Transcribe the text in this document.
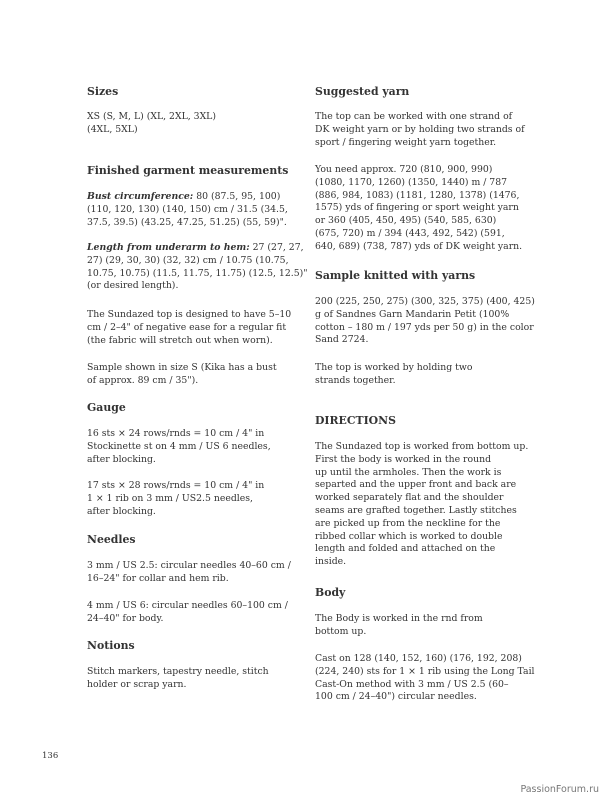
Sizes

XS (S, M, L) (XL, 2XL, 3XL)
(4XL, 5XL)

Finished garment measurements

Bust circumference: 80 (87.5, 95, 100)
(110, 120, 130) (140, 150) cm / 31.5 (34.5,
37.5, 39.5) (43.25, 47.25, 51.25) (55, 59)".

Length from underarm to hem: 27 (27, 27,
27) (29, 30, 30) (32, 32) cm / 10.75 (10.75,
10.75, 10.75) (11.5, 11.75, 11.75) (12.5, 12.5)"
(or desired length).

The Sundazed top is designed to have 5–10
cm / 2–4" of negative ease for a regular fit
(the fabric will stretch out when worn).

Sample shown in size S (Kika has a bust
of approx. 89 cm / 35").

Gauge

16 sts × 24 rows/rnds = 10 cm / 4" in
Stockinette st on 4 mm / US 6 needles,
after blocking.

17 sts × 28 rows/rnds = 10 cm / 4" in
1 × 1 rib on 3 mm / US2.5 needles,
after blocking.

Needles

3 mm / US 2.5: circular needles 40–60 cm /
16–24" for collar and hem rib.

4 mm / US 6: circular needles 60–100 cm /
24–40" for body.

Notions

Stitch markers, tapestry needle, stitch
holder or scrap yarn.

Suggested yarn

The top can be worked with one strand of
DK weight yarn or by holding two strands of
sport / fingering weight yarn together.

You need approx. 720 (810, 900, 990)
(1080, 1170, 1260) (1350, 1440) m / 787
(886, 984, 1083) (1181, 1280, 1378) (1476,
1575) yds of fingering or sport weight yarn
or 360 (405, 450, 495) (540, 585, 630)
(675, 720) m / 394 (443, 492, 542) (591,
640, 689) (738, 787) yds of DK weight yarn.

Sample knitted with yarns

200 (225, 250, 275) (300, 325, 375) (400, 425)
g of Sandnes Garn Mandarin Petit (100%
cotton – 180 m / 197 yds per 50 g) in the color
Sand 2724.

The top is worked by holding two
strands together.

DIRECTIONS

The Sundazed top is worked from bottom up.
First the body is worked in the round
up until the armholes. Then the work is
separted and the upper front and back are
worked separately flat and the shoulder
seams are grafted together. Lastly stitches
are picked up from the neckline for the
ribbed collar which is worked to double
length and folded and attached on the
inside.

Body

The Body is worked in the rnd from
bottom up.

Cast on 128 (140, 152, 160) (176, 192, 208)
(224, 240) sts for 1 × 1 rib using the Long Tail
Cast-On method with 3 mm / US 2.5 (60–
100 cm / 24–40") circular needles.

136
PassionForum.ru
